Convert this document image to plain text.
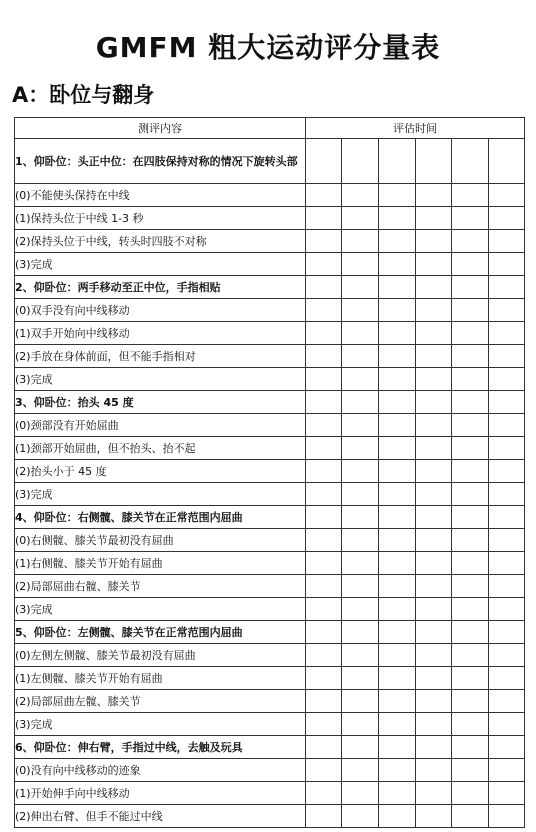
GMFM 粗大运动评分量表
A：卧位与翻身
测评内容	评估时间					
1、仰卧位：头正中位：在四肢保持对称的情况下旋转头部						
(0)不能使头保持在中线						
(1)保持头位于中线 1-3 秒						
(2)保持头位于中线，转头时四肢不对称						
(3)完成						
2、仰卧位：两手移动至正中位，手指相贴						
(0)双手没有向中线移动						
(1)双手开始向中线移动						
(2)手放在身体前面，但不能手指相对						
(3)完成						
3、仰卧位：抬头 45 度						
(0)颈部没有开始屈曲						
(1)颈部开始屈曲，但不抬头、抬不起						
(2)抬头小于 45 度						
(3)完成						
4、仰卧位：右侧髋、膝关节在正常范围内屈曲						
(0)右侧髋、膝关节最初没有屈曲						
(1)右侧髋、膝关节开始有屈曲						
(2)局部屈曲右髋、膝关节						
(3)完成						
5、仰卧位：左侧髋、膝关节在正常范围内屈曲						
(0)左侧左侧髋、膝关节最初没有屈曲						
(1)左侧髋、膝关节开始有屈曲						
(2)局部屈曲左髋、膝关节						
(3)完成						
6、仰卧位：伸右臂，手指过中线，去触及玩具						
(0)没有向中线移动的迹象						
(1)开始伸手向中线移动						
(2)伸出右臂、但手不能过中线						
